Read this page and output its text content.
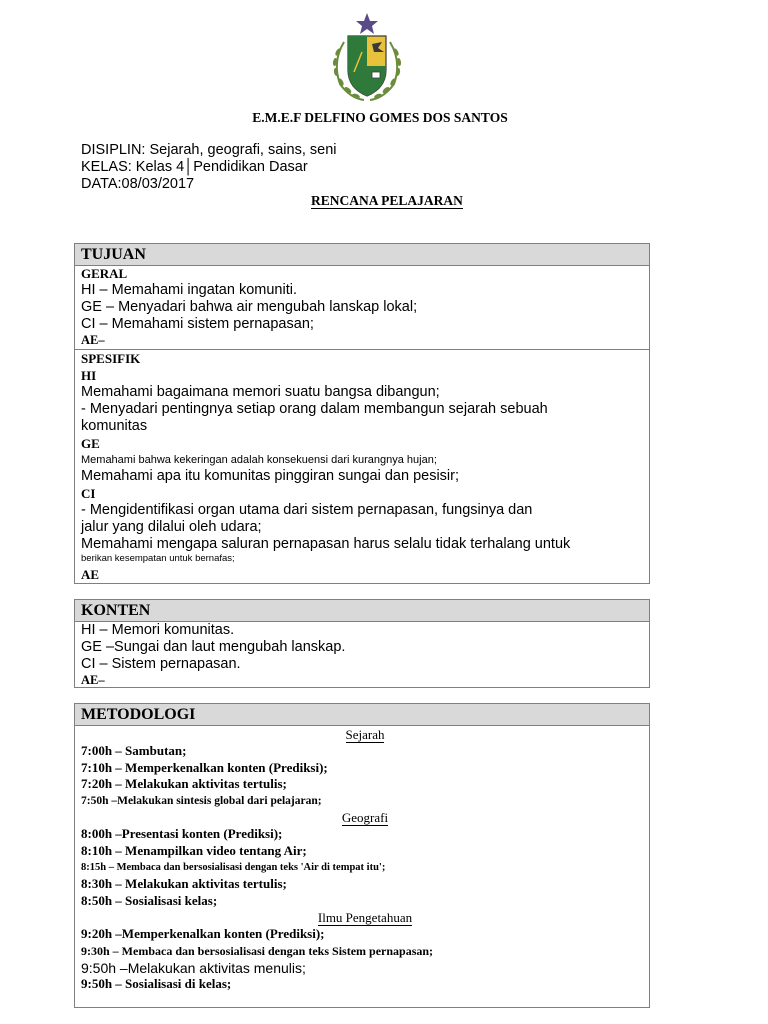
E.M.E.F DELFINO GOMES DOS SANTOS
DISIPLIN: Sejarah, geografi, sains, seni
KELAS: Kelas 4│Pendidikan Dasar
DATA:08/03/2017
RENCANA PELAJARAN
TUJUAN
GERAL
HI – Memahami ingatan komuniti.
GE – Menyadari bahwa air mengubah lanskap lokal;
CI – Memahami sistem pernapasan;
AE–
SPESIFIK
HI
Memahami bagaimana memori suatu bangsa dibangun;
- Menyadari pentingnya setiap orang dalam membangun sejarah sebuah
komunitas
GE
Memahami bahwa kekeringan adalah konsekuensi dari kurangnya hujan;
Memahami apa itu komunitas pinggiran sungai dan pesisir;
CI
- Mengidentifikasi organ utama dari sistem pernapasan, fungsinya dan
jalur yang dilalui oleh udara;
Memahami mengapa saluran pernapasan harus selalu tidak terhalang untuk
berikan kesempatan untuk bernafas;
AE
KONTEN
HI – Memori komunitas.
GE –Sungai dan laut mengubah lanskap.
CI – Sistem pernapasan.
AE–
METODOLOGI
Sejarah
7:00h – Sambutan;
7:10h – Memperkenalkan konten (Prediksi);
7:20h – Melakukan aktivitas tertulis;
7:50h –Melakukan sintesis global dari pelajaran;
Geografi
8:00h –Presentasi konten (Prediksi);
8:10h – Menampilkan video tentang Air;
8:15h – Membaca dan bersosialisasi dengan teks 'Air di tempat itu';
8:30h – Melakukan aktivitas tertulis;
8:50h – Sosialisasi kelas;
Ilmu Pengetahuan
9:20h –Memperkenalkan konten (Prediksi);
9:30h – Membaca dan bersosialisasi dengan teks Sistem pernapasan;
9:50h –Melakukan aktivitas menulis;
9:50h – Sosialisasi di kelas;
